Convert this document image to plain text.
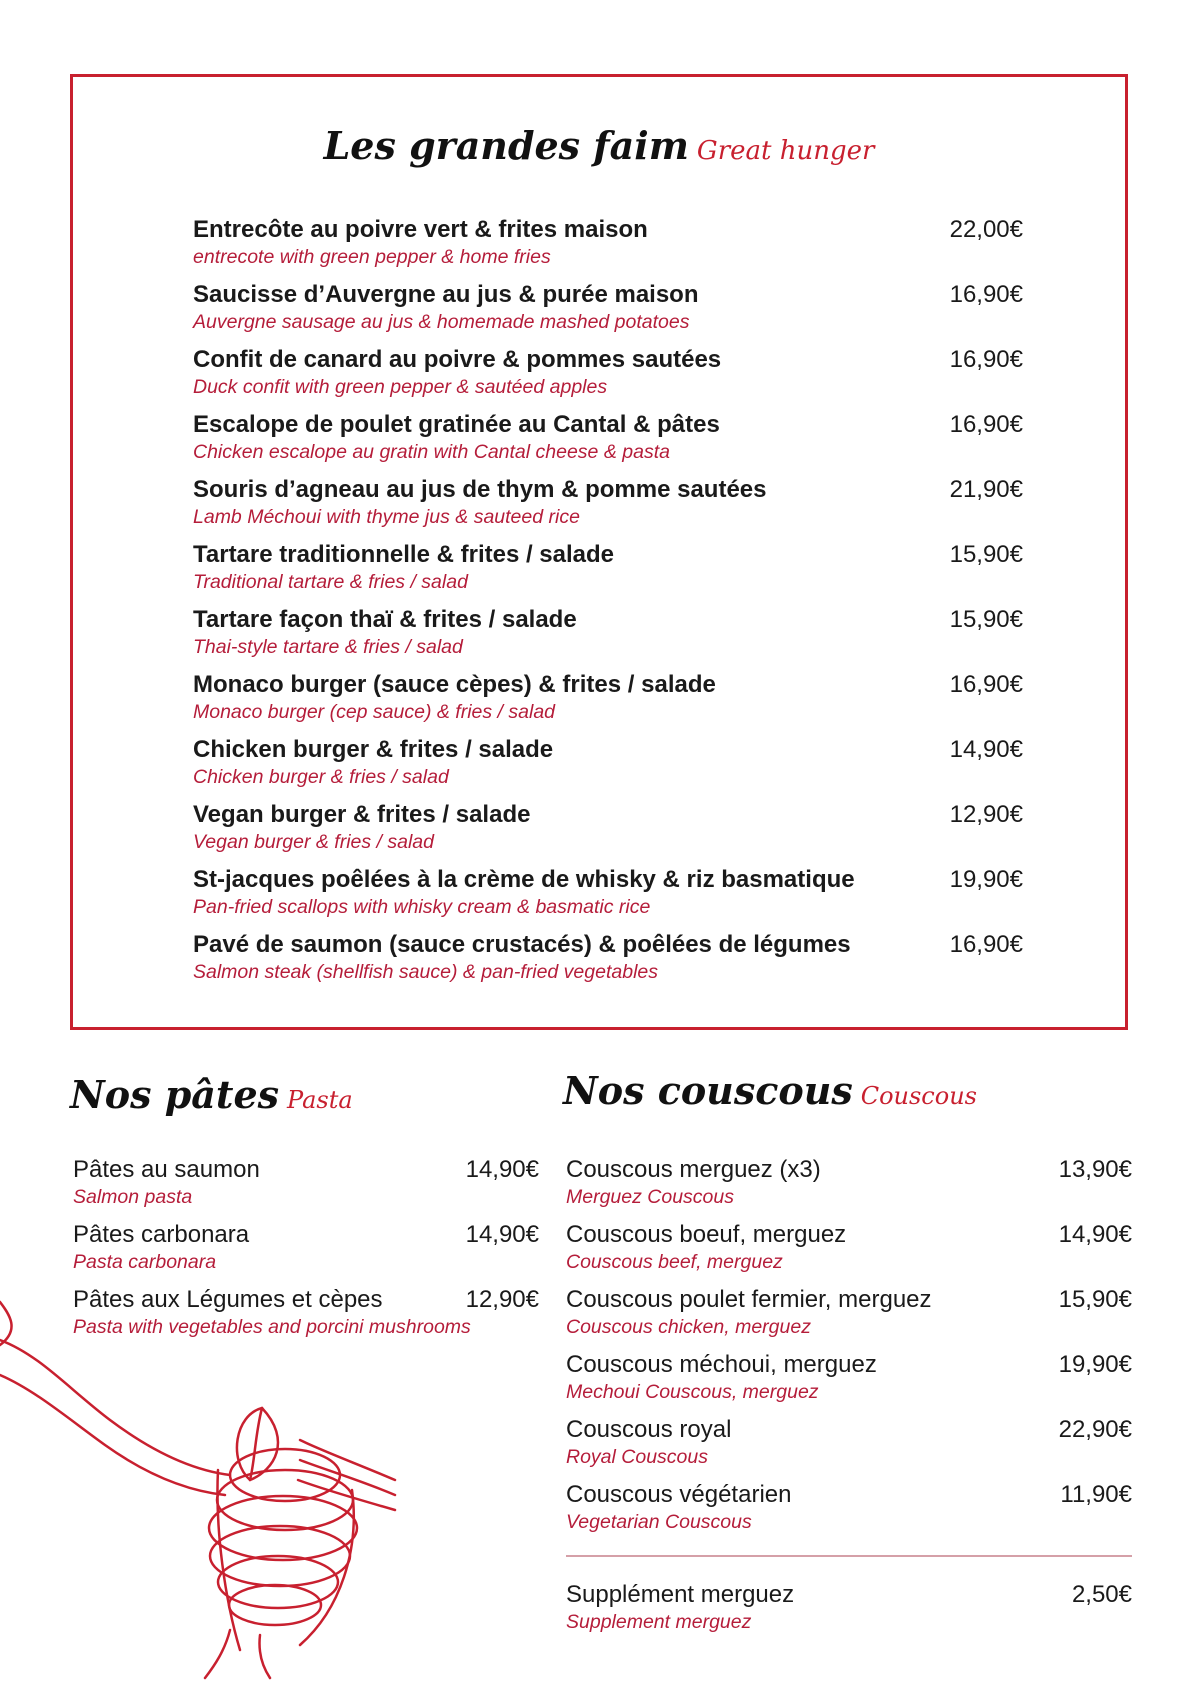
Les grandes faim Great hunger
Entrecôte au poivre vert & frites maison
entrecote with green pepper & home fries
22,00€
Saucisse d’Auvergne au jus & purée maison
Auvergne sausage au jus & homemade mashed potatoes
16,90€
Confit de canard au poivre & pommes sautées
Duck confit with green pepper & sautéed apples
16,90€
Escalope de poulet gratinée au Cantal & pâtes
Chicken escalope au gratin with Cantal cheese & pasta
16,90€
Souris d’agneau au jus de thym & pomme sautées
Lamb Méchoui with thyme jus & sauteed rice
21,90€
Tartare traditionnelle & frites / salade
Traditional tartare & fries / salad
15,90€
Tartare façon thaï & frites / salade
Thai-style tartare & fries / salad
15,90€
Monaco burger (sauce cèpes) & frites / salade
Monaco burger (cep sauce) & fries / salad
16,90€
Chicken burger & frites / salade
Chicken burger & fries / salad
14,90€
Vegan burger & frites / salade
Vegan burger & fries / salad
12,90€
St-jacques poêlées à la crème de whisky & riz basmatique
Pan-fried scallops with whisky cream & basmatic rice
19,90€
Pavé de saumon (sauce crustacés) & poêlées de légumes
Salmon steak (shellfish sauce) & pan-fried vegetables
16,90€
Nos pâtes Pasta
Pâtes au saumon
Salmon pasta
14,90€
Pâtes carbonara
Pasta carbonara
14,90€
Pâtes aux Légumes et cèpes
Pasta with vegetables and porcini mushrooms
12,90€
Nos couscous Couscous
Couscous merguez (x3)
Merguez Couscous
13,90€
Couscous boeuf, merguez
Couscous beef, merguez
14,90€
Couscous poulet fermier, merguez
Couscous chicken, merguez
15,90€
Couscous méchoui, merguez
Mechoui Couscous, merguez
19,90€
Couscous royal
Royal Couscous
22,90€
Couscous végétarien
Vegetarian Couscous
11,90€
Supplément merguez
Supplement merguez
2,50€
